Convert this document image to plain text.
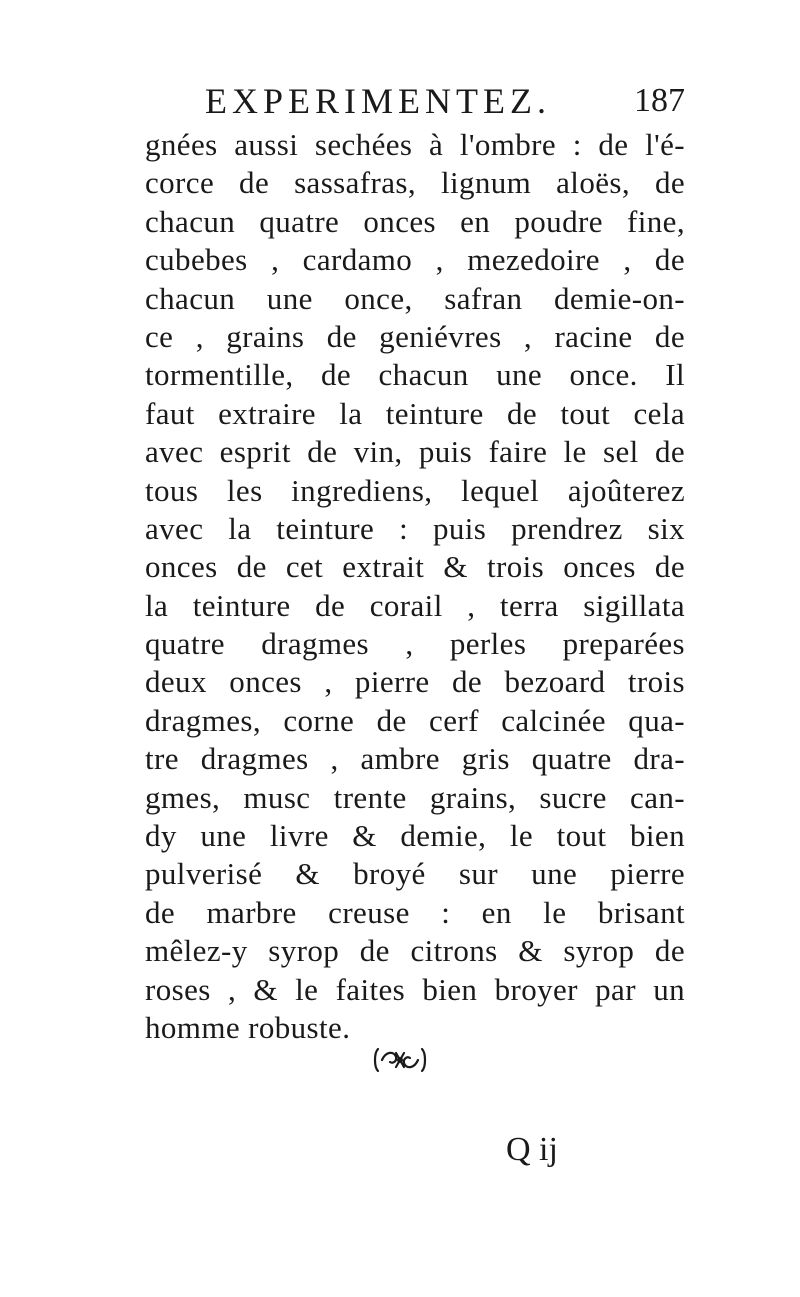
EXPERIMENTEZ. 187
gnées aussi sechées à l'ombre : de l'é-
corce de sassafras, lignum aloës, de
chacun quatre onces en poudre fine,
cubebes , cardamo , mezedoire , de
chacun une once, safran demie-on-
ce , grains de geniévres , racine de
tormentille, de chacun une once. Il
faut extraire la teinture de tout cela
avec esprit de vin, puis faire le sel de
tous les ingrediens, lequel ajoûterez
avec la teinture : puis prendrez six
onces de cet extrait & trois onces de
la teinture de corail , terra sigillata
quatre dragmes , perles preparées
deux onces , pierre de bezoard trois
dragmes, corne de cerf calcinée qua-
tre dragmes , ambre gris quatre dra-
gmes, musc trente grains, sucre can-
dy une livre & demie, le tout bien
pulverisé & broyé sur une pierre
de marbre creuse : en le brisant
mêlez-y syrop de citrons & syrop de
roses , & le faites bien broyer par un
homme robuste.
Q ij
